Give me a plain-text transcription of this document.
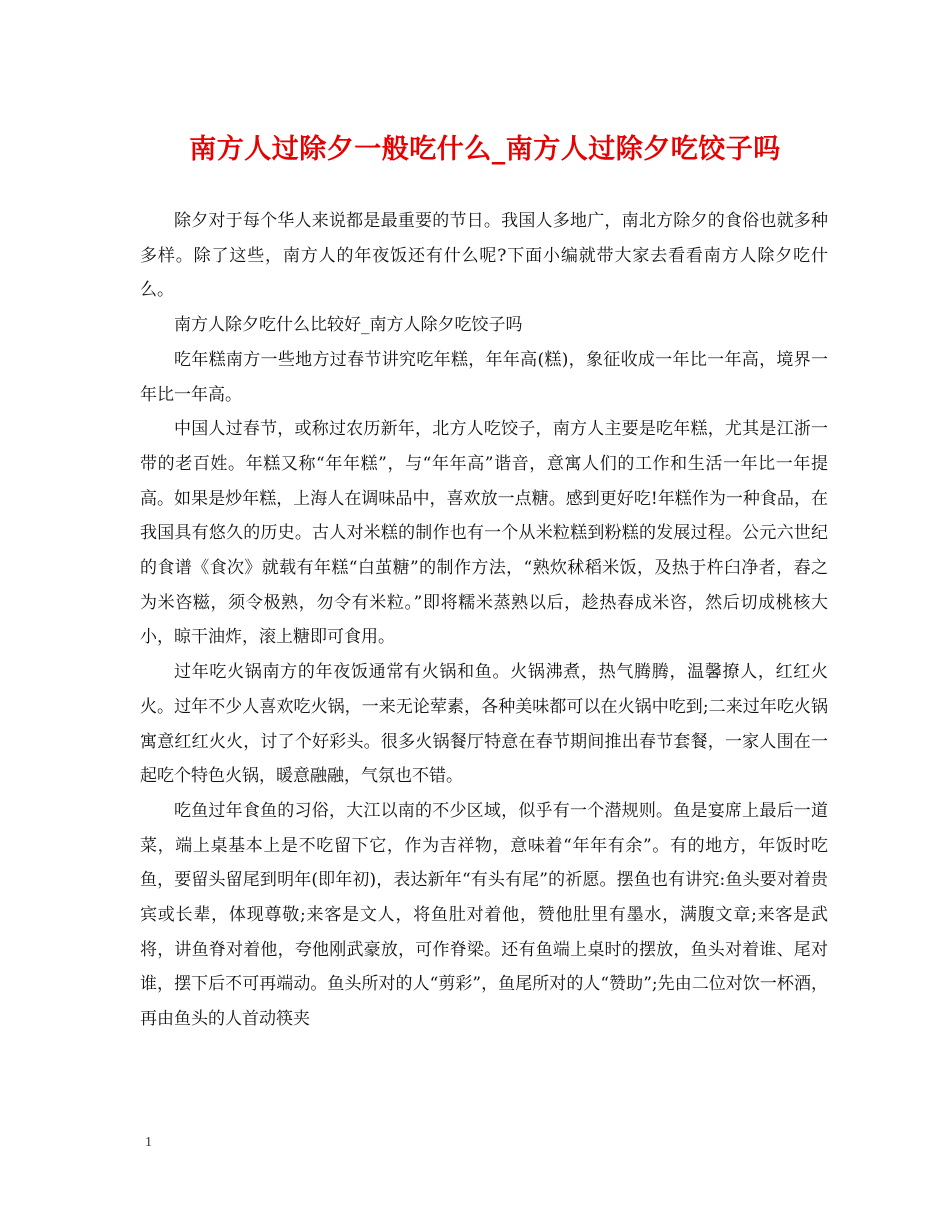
南方人过除夕一般吃什么_南方人过除夕吃饺子吗

除夕对于每个华人来说都是最重要的节日。我国人多地广，南北方除夕的食俗也就多种多样。除了这些，南方人的年夜饭还有什么呢?下面小编就带大家去看看南方人除夕吃什么。

南方人除夕吃什么比较好_南方人除夕吃饺子吗

吃年糕南方一些地方过春节讲究吃年糕，年年高(糕)，象征收成一年比一年高，境界一年比一年高。

中国人过春节，或称过农历新年，北方人吃饺子，南方人主要是吃年糕，尤其是江浙一带的老百姓。年糕又称“年年糕”，与“年年高”谐音，意寓人们的工作和生活一年比一年提高。如果是炒年糕，上海人在调味品中，喜欢放一点糖。感到更好吃!年糕作为一种食品，在我国具有悠久的历史。古人对米糕的制作也有一个从米粒糕到粉糕的发展过程。公元六世纪的食谱《食次》就载有年糕“白茧糖”的制作方法，“熟炊秫稻米饭，及热于杵臼净者，舂之为米咨糍，须令极熟，勿令有米粒。”即将糯米蒸熟以后，趁热舂成米咨，然后切成桃核大小，晾干油炸，滚上糖即可食用。

过年吃火锅南方的年夜饭通常有火锅和鱼。火锅沸煮，热气腾腾，温馨撩人，红红火火。过年不少人喜欢吃火锅，一来无论荤素，各种美味都可以在火锅中吃到;二来过年吃火锅寓意红红火火，讨了个好彩头。很多火锅餐厅特意在春节期间推出春节套餐，一家人围在一起吃个特色火锅，暖意融融，气氛也不错。

吃鱼过年食鱼的习俗，大江以南的不少区域，似乎有一个潜规则。鱼是宴席上最后一道菜，端上桌基本上是不吃留下它，作为吉祥物，意味着“年年有余”。有的地方，年饭时吃鱼，要留头留尾到明年(即年初)，表达新年“有头有尾”的祈愿。摆鱼也有讲究:鱼头要对着贵宾或长辈，体现尊敬;来客是文人，将鱼肚对着他，赞他肚里有墨水，满腹文章;来客是武将，讲鱼脊对着他，夸他刚武豪放，可作脊梁。还有鱼端上桌时的摆放，鱼头对着谁、尾对谁，摆下后不可再端动。鱼头所对的人“剪彩”，鱼尾所对的人“赞助”;先由二位对饮一杯酒，再由鱼头的人首动筷夹

1
